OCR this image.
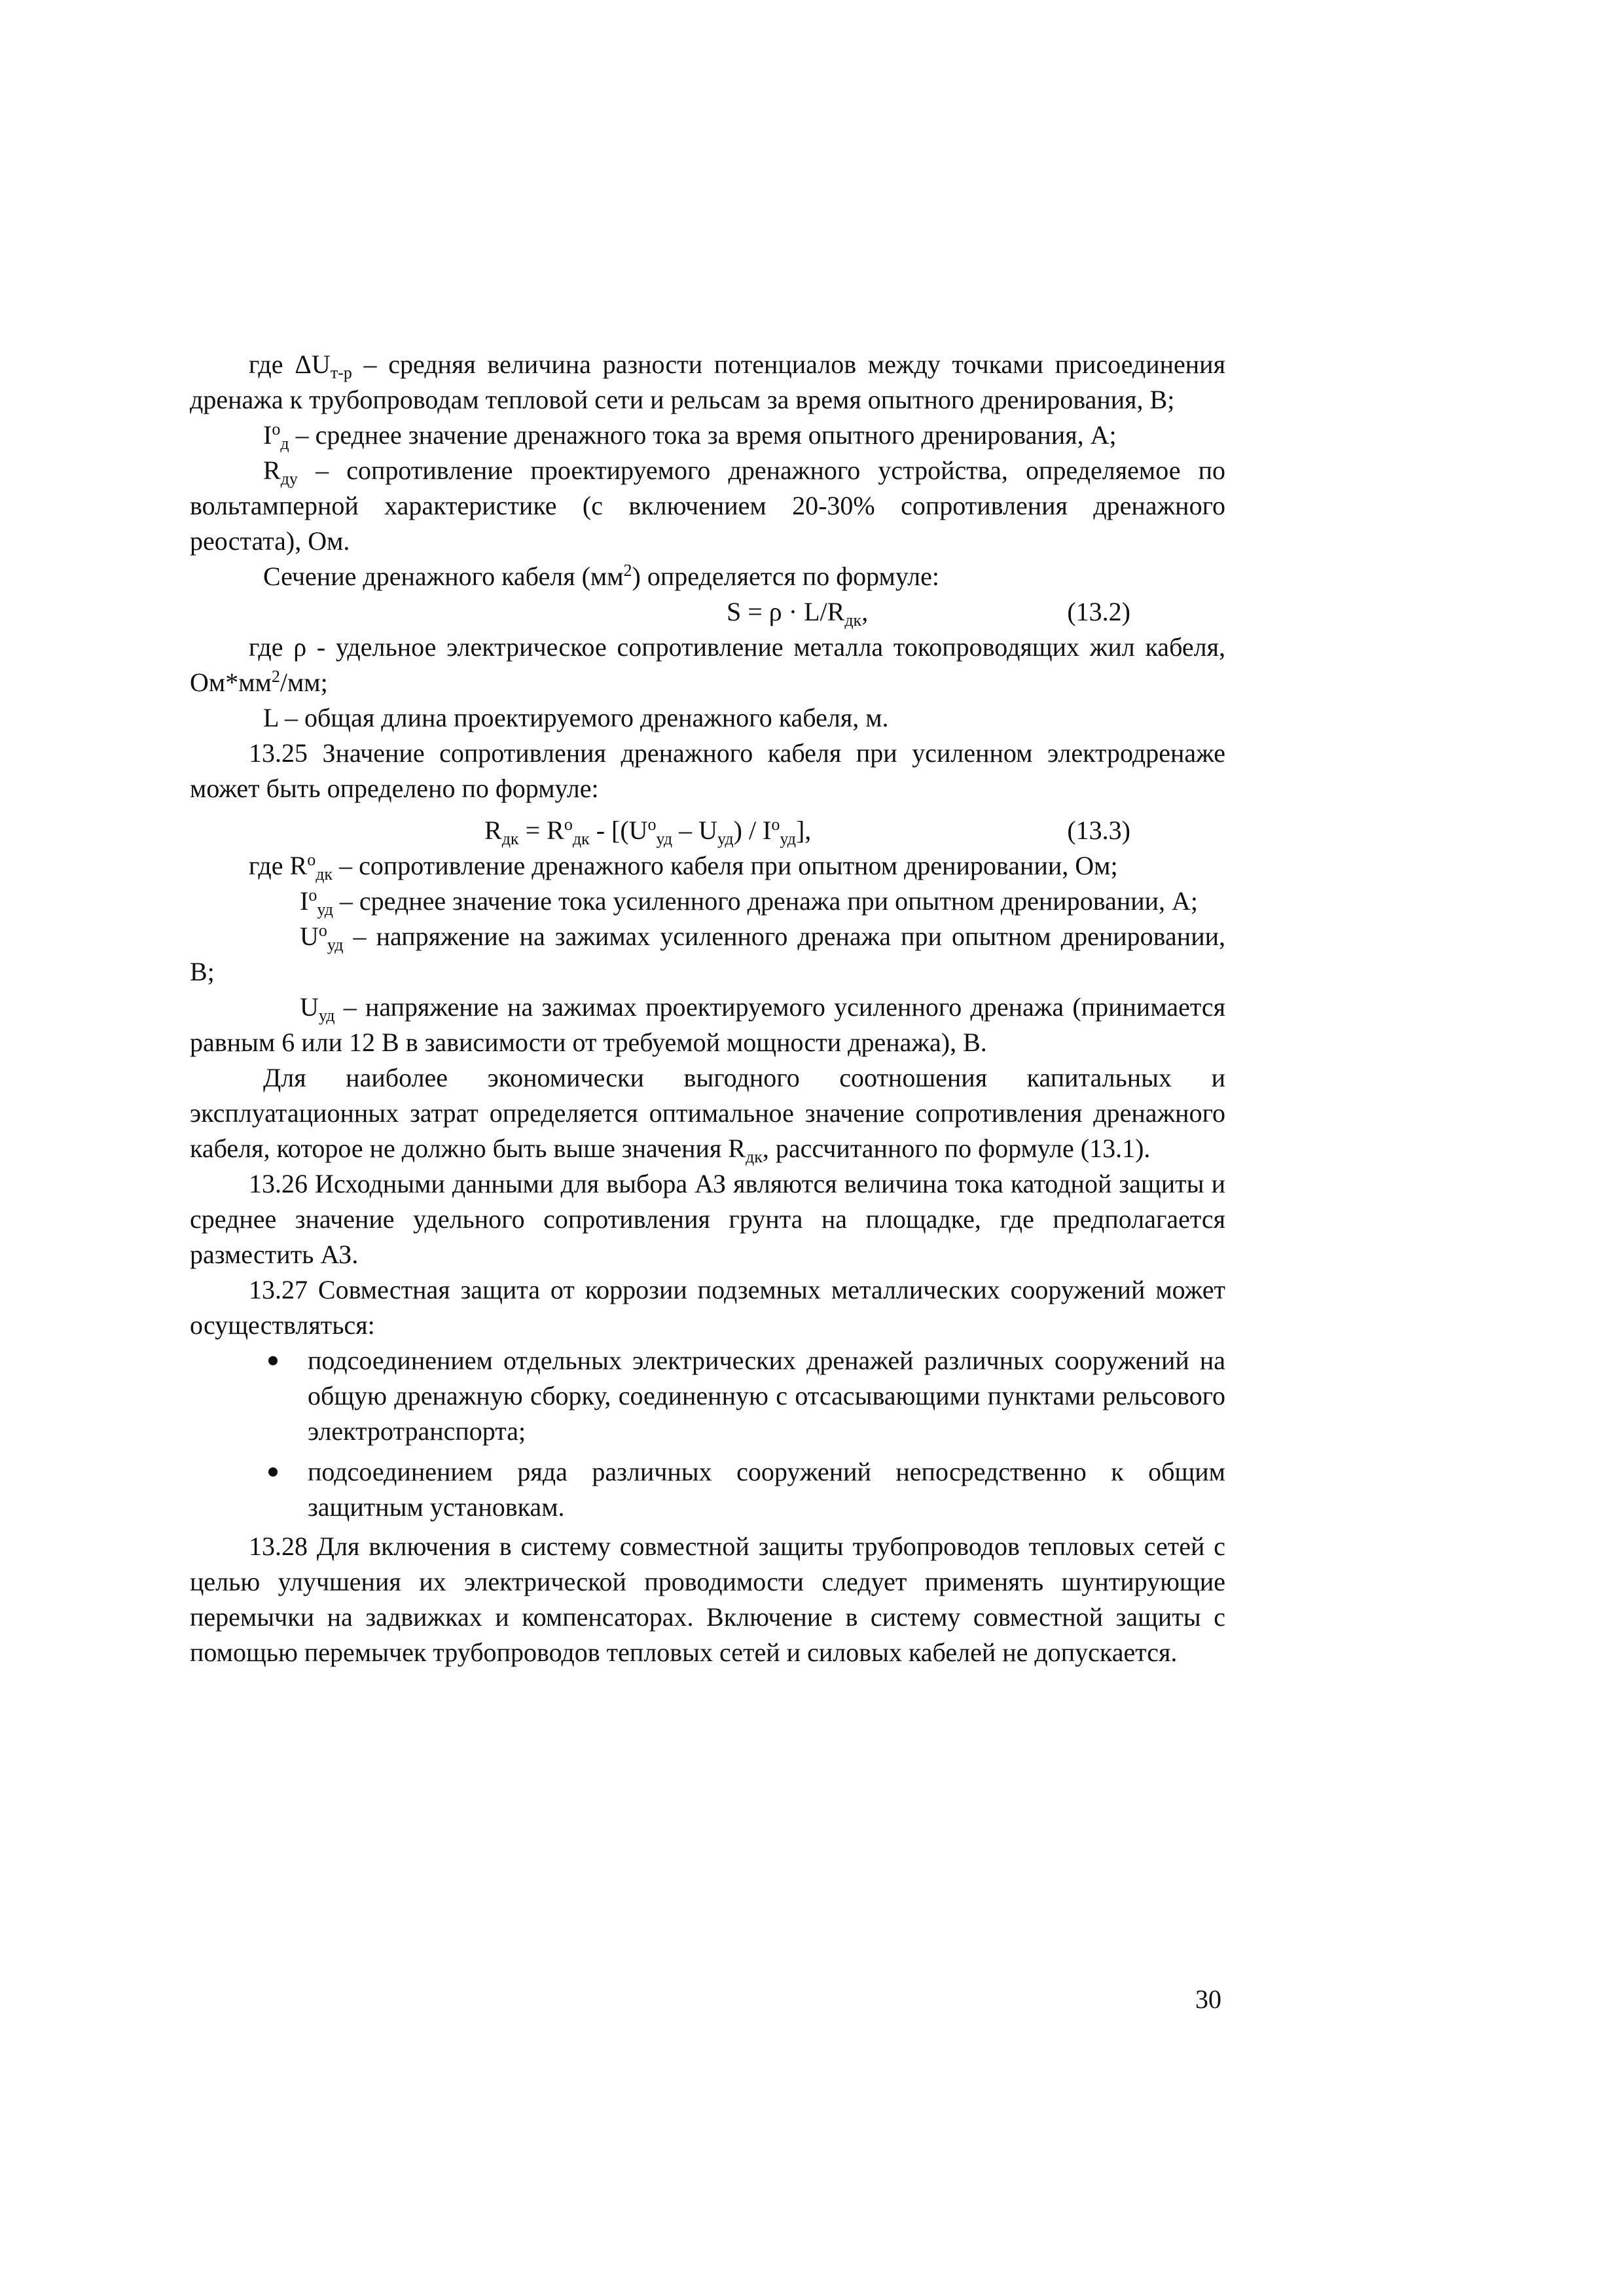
где $\Delta U_{т-р}$ – средняя величина разности потенциалов между точками присоединения дренажа к трубопроводам тепловой сети и рельсам за время опытного дренирования, В;

$I^о_д$ – среднее значение дренажного тока за время опытного дренирования, А;

$R_{ду}$ – сопротивление проектируемого дренажного устройства, определяемое по вольтамперной характеристике (с включением 20-30% сопротивления дренажного реостата), Ом.

Сечение дренажного кабеля $(мм^2)$ определяется по формуле:

$S = \rho \cdot L/R_{дк}$,	(13.2)

где ρ - удельное электрическое сопротивление металла токопроводящих жил кабеля, $Ом*мм^2/мм$;

L – общая длина проектируемого дренажного кабеля, м.

13.25 Значение сопротивления дренажного кабеля при усиленном электродренаже может быть определено по формуле:

$R_{дк} = R^о_{дк} - [(U^о_{уд} - U_{уд}) / I^о_{уд}]$,	(13.3)

где $R^о_{дк}$ – сопротивление дренажного кабеля при опытном дренировании, Ом;

$I^о_{уд}$ – среднее значение тока усиленного дренажа при опытном дренировании, А;

$U^о_{уд}$ – напряжение на зажимах усиленного дренажа при опытном дренировании, В;

$U_{уд}$ – напряжение на зажимах проектируемого усиленного дренажа (принимается равным 6 или 12 В в зависимости от требуемой мощности дренажа), В.

Для наиболее экономически выгодного соотношения капитальных и эксплуатационных затрат определяется оптимальное значение сопротивления дренажного кабеля, которое не должно быть выше значения $R_{дк}$, рассчитанного по формуле (13.1).

13.26 Исходными данными для выбора АЗ являются величина тока катодной защиты и среднее значение удельного сопротивления грунта на площадке, где предполагается разместить АЗ.

13.27 Совместная защита от коррозии подземных металлических сооружений может осуществляться:

подсоединением отдельных электрических дренажей различных сооружений на общую дренажную сборку, соединенную с отсасывающими пунктами рельсового электротранспорта;
подсоединением ряда различных сооружений непосредственно к общим защитным установкам.

13.28 Для включения в систему совместной защиты трубопроводов тепловых сетей с целью улучшения их электрической проводимости следует применять шунтирующие перемычки на задвижках и компенсаторах. Включение в систему совместной защиты с помощью перемычек трубопроводов тепловых сетей и силовых кабелей не допускается.

30
